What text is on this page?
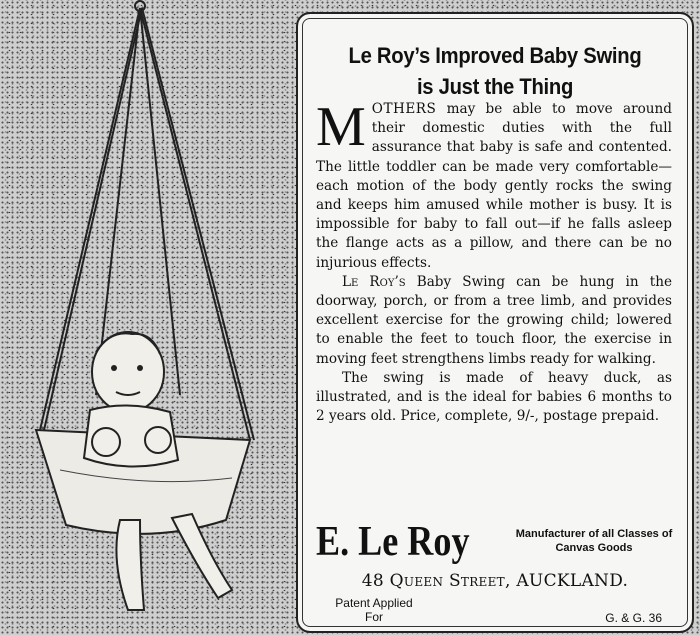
Le Roy’s Improved Baby Swing
is Just the Thing

MOTHERS may be able to move around their domestic duties with the full assurance that baby is safe and contented. The little toddler can be made very comfortable—each motion of the body gently rocks the swing and keeps him amused while mother is busy. It is impossible for baby to fall out—if he falls asleep the flange acts as a pillow, and there can be no injurious effects.

Le Roy’s Baby Swing can be hung in the doorway, porch, or from a tree limb, and provides excellent exercise for the growing child; lowered to enable the feet to touch floor, the exercise in moving feet strengthens limbs ready for walking.

The swing is made of heavy duck, as illustrated, and is the ideal for babies 6 months to 2 years old. Price, complete, 9/-, postage prepaid.

E. Le Roy	Manufacturer of all Classes of Canvas Goods
48 Queen Street, AUCKLAND.
Patent Applied For	G. & G. 36
